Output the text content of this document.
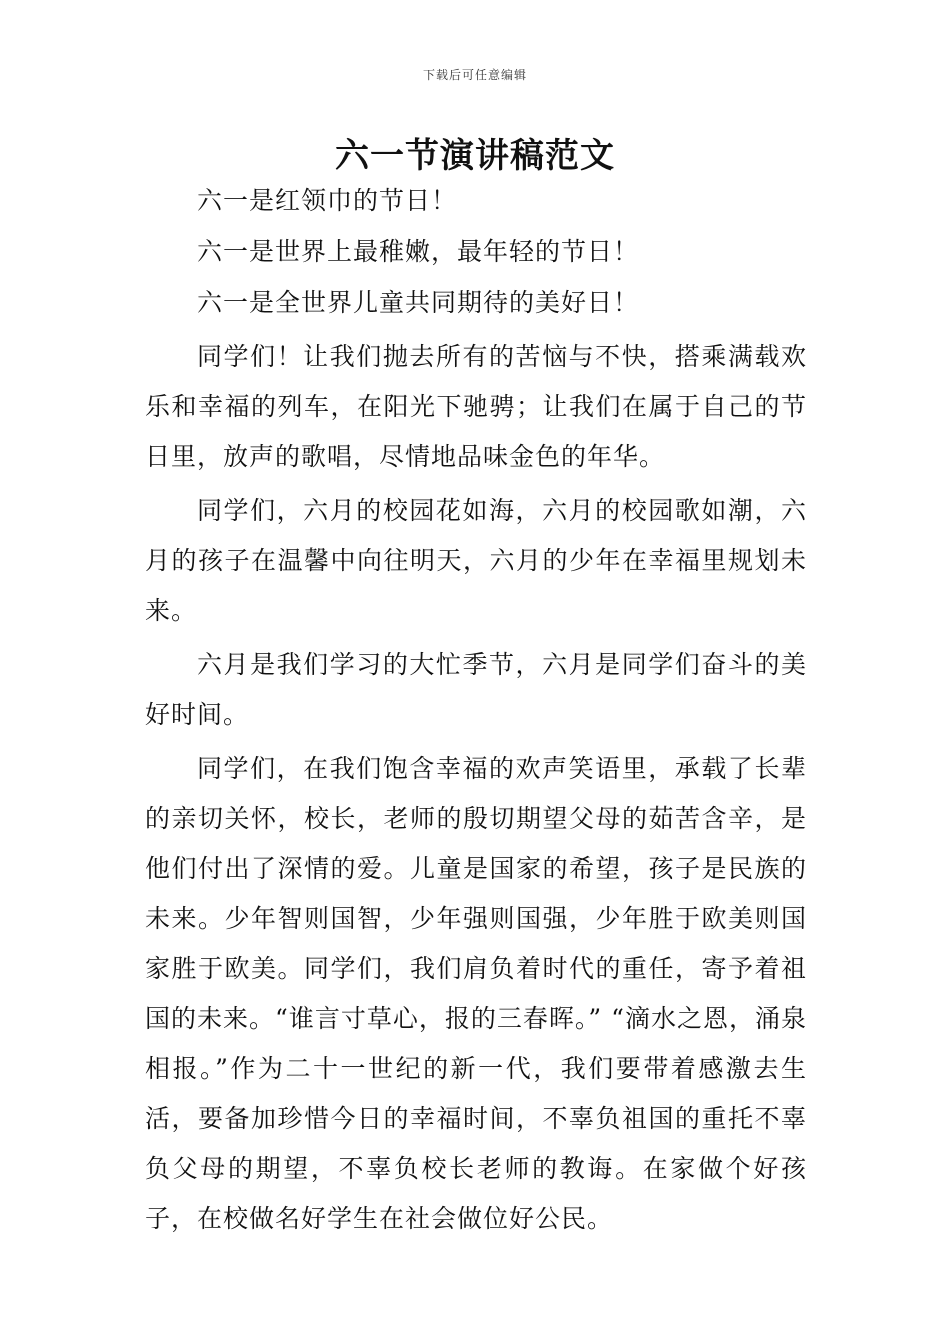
下载后可任意编辑
六一节演讲稿范文

六一是红领巾的节日！

六一是世界上最稚嫩，最年轻的节日！

六一是全世界儿童共同期待的美好日！

同学们！让我们抛去所有的苦恼与不快，搭乘满载欢乐和幸福的列车，在阳光下驰骋；让我们在属于自己的节日里，放声的歌唱，尽情地品味金色的年华。

同学们，六月的校园花如海，六月的校园歌如潮，六月的孩子在温馨中向往明天，六月的少年在幸福里规划未来。

六月是我们学习的大忙季节，六月是同学们奋斗的美好时间。

同学们，在我们饱含幸福的欢声笑语里，承载了长辈的亲切关怀，校长，老师的殷切期望父母的茹苦含辛，是他们付出了深情的爱。儿童是国家的希望，孩子是民族的未来。少年智则国智，少年强则国强，少年胜于欧美则国家胜于欧美。同学们，我们肩负着时代的重任，寄予着祖国的未来。“谁言寸草心，报的三春晖。” “滴水之恩，涌泉相报。”作为二十一世纪的新一代，我们要带着感激去生活，要备加珍惜今日的幸福时间，不辜负祖国的重托不辜负父母的期望，不辜负校长老师的教诲。在家做个好孩子，在校做名好学生在社会做位好公民。
